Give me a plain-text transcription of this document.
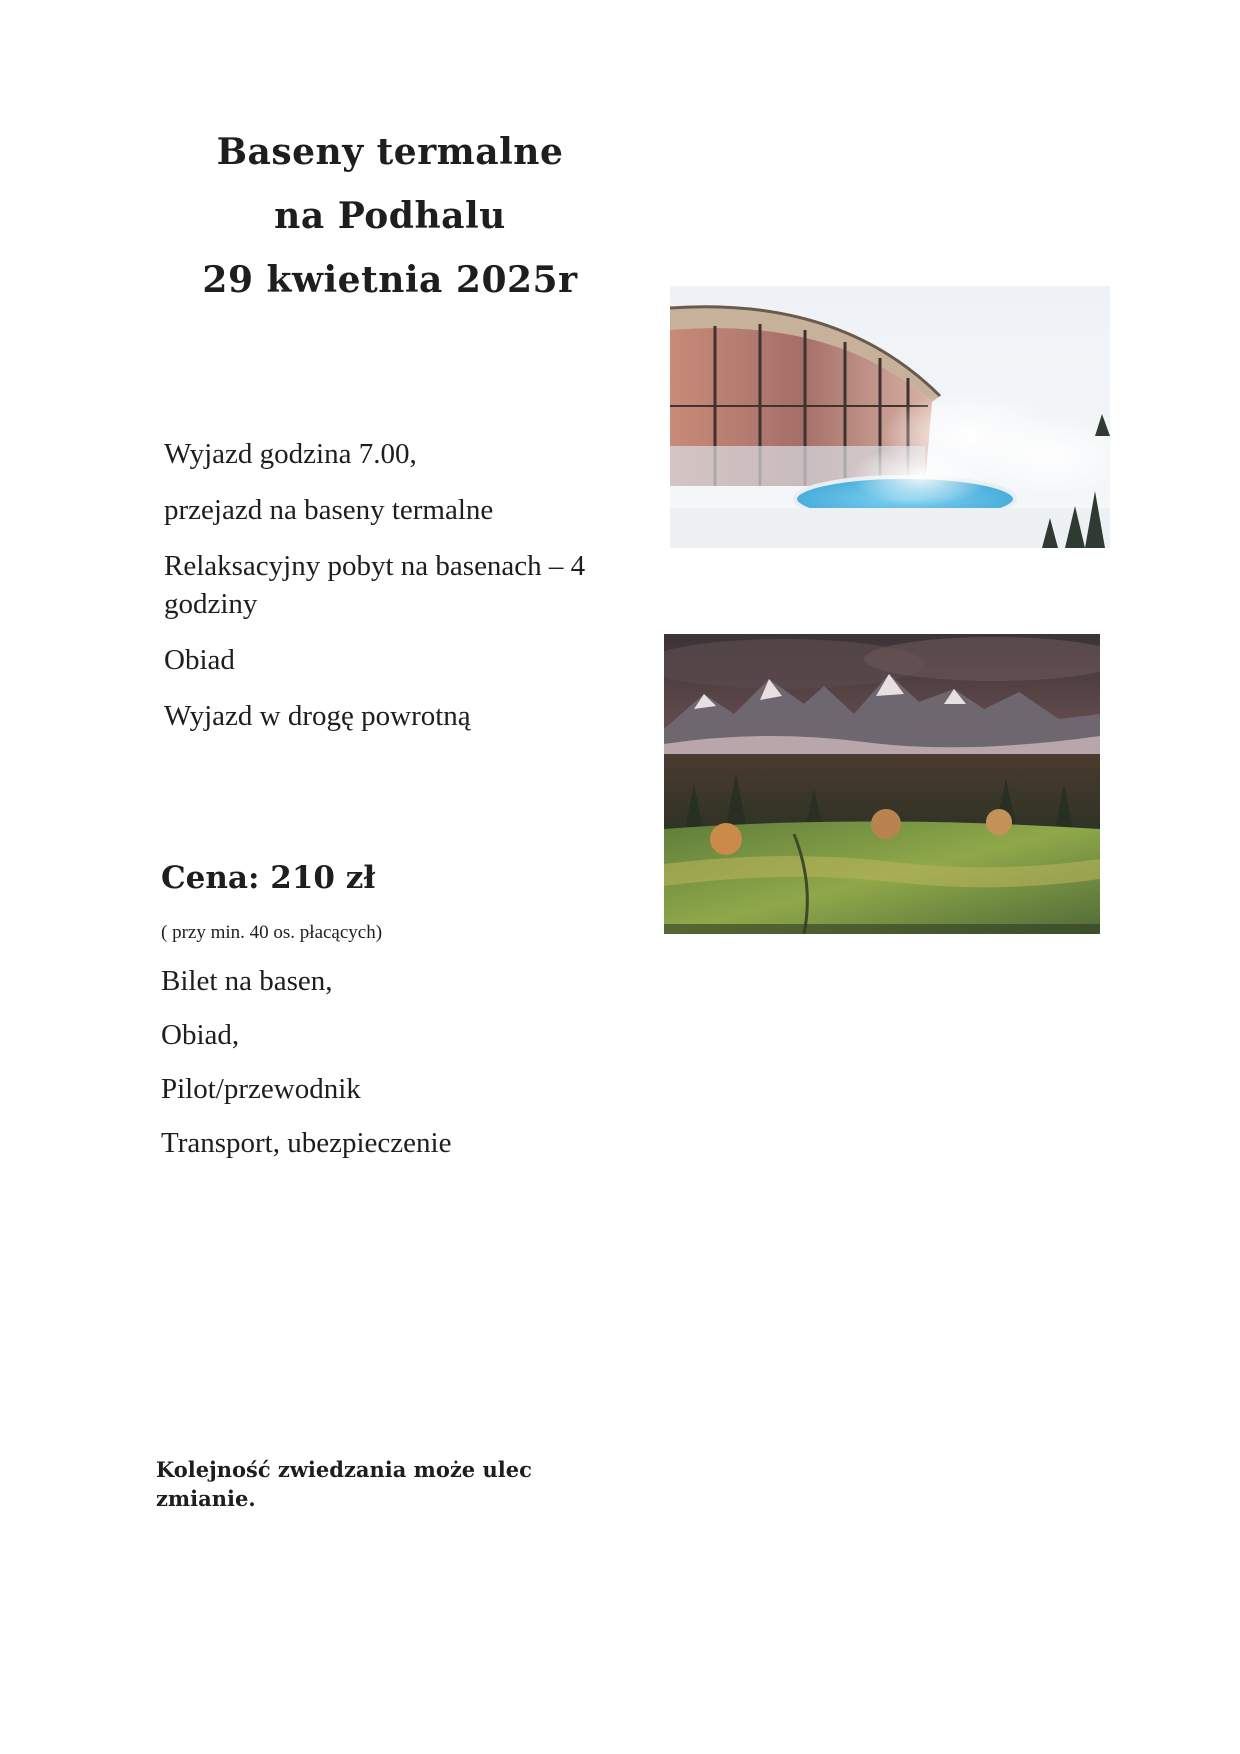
Baseny termalne
na Podhalu
29 kwietnia 2025r
Wyjazd godzina 7.00,
przejazd na baseny termalne
Relaksacyjny pobyt na basenach – 4 godziny
Obiad
Wyjazd w drogę powrotną
Cena: 210 zł
( przy min. 40 os. płacących)
Bilet na basen,
Obiad,
Pilot/przewodnik
Transport, ubezpieczenie
Kolejność zwiedzania może ulec zmianie.
